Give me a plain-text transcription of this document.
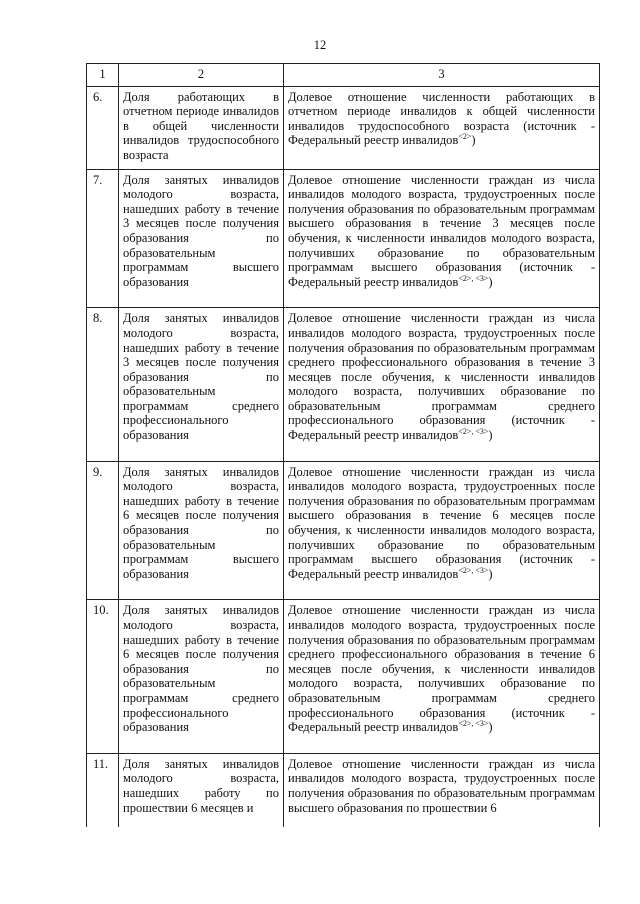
12
1	2	3
6.	Доля работающих в отчетном периоде инвалидов в общей численности инвалидов трудоспособного возраста	Долевое отношение численности работающих в отчетном периоде инвалидов к общей численности инвалидов трудоспособного возраста (источник - Федеральный реестр инвалидов$^{<2>}$)

7.	Доля занятых инвалидов молодого возраста, нашедших работу в течение 3 месяцев после получения образования по образовательным программам высшего образования	Долевое отношение численности граждан из числа инвалидов молодого возраста, трудоустроенных после получения образования по образовательным программам высшего образования в течение 3 месяцев после обучения, к численности инвалидов молодого возраста, получивших образование по образовательным программам высшего образования (источник - Федеральный реестр инвалидов$^{<2>, <3>}$)

8.	Доля занятых инвалидов молодого возраста, нашедших работу в течение 3 месяцев после получения образования по образовательным программам среднего профессионального образования	Долевое отношение численности граждан из числа инвалидов молодого возраста, трудоустроенных после получения образования по образовательным программам среднего профессионального образования в течение 3 месяцев после обучения, к численности инвалидов молодого возраста, получивших образование по образовательным программам среднего профессионального образования (источник - Федеральный реестр инвалидов$^{<2>, <3>}$)

9.	Доля занятых инвалидов молодого возраста, нашедших работу в течение 6 месяцев после получения образования по образовательным программам высшего образования	Долевое отношение численности граждан из числа инвалидов молодого возраста, трудоустроенных после получения образования по образовательным программам высшего образования в течение 6 месяцев после обучения, к численности инвалидов молодого возраста, получивших образование по образовательным программам высшего образования (источник - Федеральный реестр инвалидов$^{<2>, <3>}$)

10.	Доля занятых инвалидов молодого возраста, нашедших работу в течение 6 месяцев после получения образования по образовательным программам среднего профессионального образования	Долевое отношение численности граждан из числа инвалидов молодого возраста, трудоустроенных после получения образования по образовательным программам среднего профессионального образования в течение 6 месяцев после обучения, к численности инвалидов молодого возраста, получивших образование по образовательным программам среднего профессионального образования (источник - Федеральный реестр инвалидов$^{<2>, <3>}$)

11.	Доля занятых инвалидов молодого возраста, нашедших работу по прошествии 6 месяцев и	Долевое отношение численности граждан из числа инвалидов молодого возраста, трудоустроенных после получения образования по образовательным программам высшего образования по прошествии 6
